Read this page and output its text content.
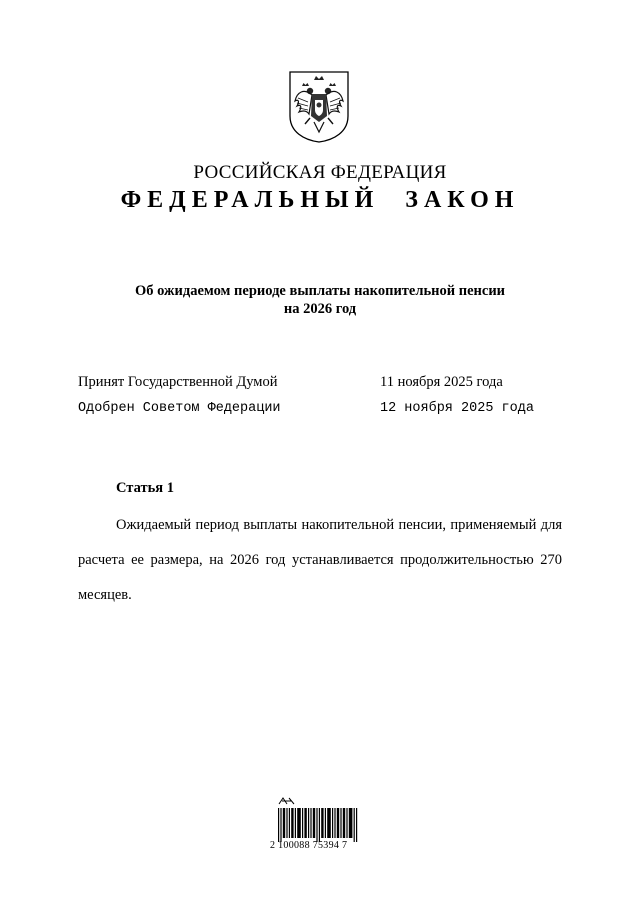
РОССИЙСКАЯ ФЕДЕРАЦИЯ
ФЕДЕРАЛЬНЫЙ ЗАКОН
Об ожидаемом периоде выплаты накопительной пенсии
на 2026 год
Принят Государственной Думой	11 ноября 2025 года
Одобрен Советом Федерации	12 ноября 2025 года
Статья 1

Ожидаемый период выплаты накопительной пенсии, применяемый для расчета ее размера, на 2026 год устанавливается продолжительностью 270 месяцев.

2 100088 75394 7
